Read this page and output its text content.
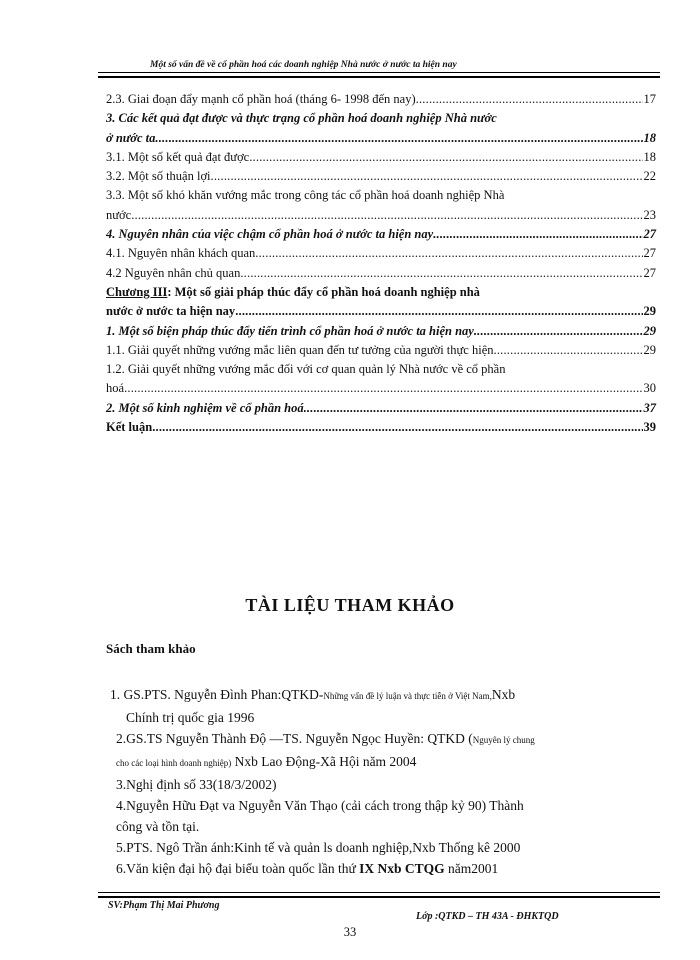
Một số vấn đề về cổ phần hoá các doanh nghiệp Nhà nước ở nước ta hiện nay
2.3. Giai đoạn đẩy mạnh cổ phần hoá (tháng 6- 1998 đến nay) .....	17
3. Các kết quả đạt được và thực trạng cổ phần hoá doanh nghiệp Nhà nước
ở nước ta .....	18
3.1. Một số kết quả đạt được .....	18
3.2. Một số thuận lợi .....	22
3.3. Một số khó khăn vướng mắc trong công tác cổ phần hoá doanh nghiệp Nhà
nước .....	23
4. Nguyên nhân của việc chậm cổ phần hoá ở nước ta hiện nay .....	27
4.1. Nguyên nhân khách quan .....	27
4.2 Nguyên nhân chủ quan .....	27
Chương III: Một số giải pháp thúc đẩy cổ phần hoá doanh nghiệp nhà
nước ở nước ta hiện nay .....	29
1. Một số biện pháp thúc đẩy tiến trình cổ phần hoá ở nước ta hiện nay .....	29
1.1. Giải quyết những vướng mắc liên quan đến tư tưởng của người thực hiện .....	29
1.2. Giải quyết những vướng mắc đối với cơ quan quản lý Nhà nước về cổ phần
hoá .....	30
2. Một số kinh nghiệm về cổ phần hoá .....	37
Kết luận .....	39
TÀI LIỆU THAM KHẢO
Sách tham khảo
1. GS.PTS. Nguyễn Đình Phan:QTKD-Những vấn đề lý luận và thực tiễn ở Việt Nam,Nxb
Chính trị quốc gia 1996
2.GS.TS Nguyễn Thành Độ —TS. Nguyễn Ngọc Huyền: QTKD (Nguyên lý chung
cho các loại hình doanh nghiệp) Nxb Lao Động-Xã Hội năm 2004
3.Nghị định số 33(18/3/2002)
4.Nguyễn Hữu Đạt va Nguyễn Văn Thạo (cải cách trong thập kỷ 90) Thành
công và tồn tại.
5.PTS. Ngô Trần ánh:Kinh tế và quản ls doanh nghiệp,Nxb Thống kê 2000
6.Văn kiện đại hộ đại biểu toàn quốc lần thứ IX Nxb CTQG năm2001
SV:Phạm Thị Mai Phương
Lớp :QTKD – TH 43A - ĐHKTQD
33
